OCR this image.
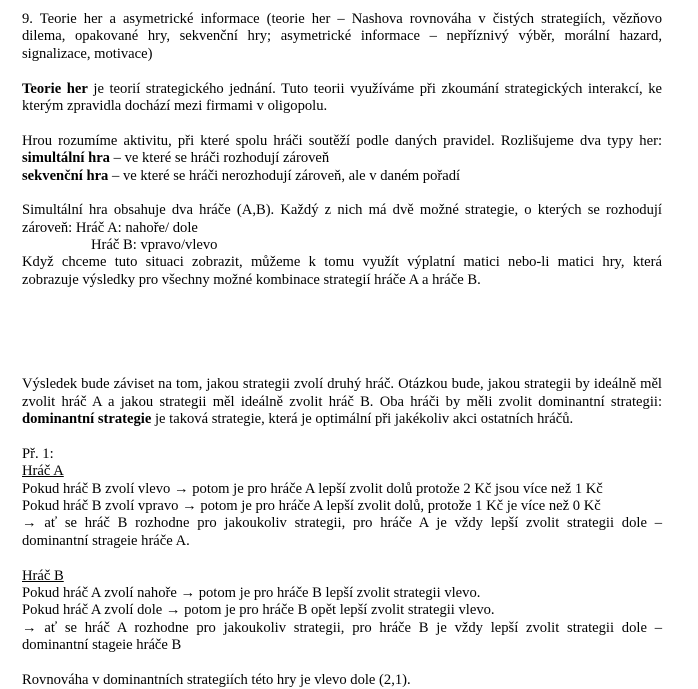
9. Teorie her a asymetrické informace (teorie her – Nashova rovnováha v čistých strategiích, vězňovo
dilema, opakované hry, sekvenční hry; asymetrické informace – nepříznivý výběr, morální hazard,
signalizace, motivace)
Teorie her je teorií strategického jednání. Tuto teorii využíváme při zkoumání strategických interakcí, ke
kterým zpravidla dochází mezi firmami v oligopolu.
Hrou rozumíme aktivitu, při které spolu hráči soutěží podle daných pravidel. Rozlišujeme dva typy her:
simultální hra – ve které se hráči rozhodují zároveň
sekvenční hra – ve které se hráči nerozhodují zároveň, ale v daném pořadí
Simultální hra obsahuje dva hráče (A,B). Každý z nich má dvě možné strategie, o kterých se rozhodují
zároveň: Hráč A: nahoře/ dole
Hráč B: vpravo/vlevo
Když chceme tuto situaci zobrazit, můžeme k tomu využít výplatní matici nebo-li matici hry, která
zobrazuje výsledky pro všechny možné kombinace strategií hráče A a hráče B.
Výsledek bude záviset na tom, jakou strategii zvolí druhý hráč. Otázkou bude, jakou strategii by ideálně měl
zvolit hráč A a jakou strategii měl ideálně zvolit hráč B. Oba hráči by měli zvolit dominantní strategii:
dominantní strategie je taková strategie, která je optimální při jakékoliv akci ostatních hráčů.
Př. 1:
Hráč A
Pokud hráč B zvolí vlevo → potom je pro hráče A lepší zvolit dolů protože 2 Kč jsou více než 1 Kč
Pokud hráč B zvolí vpravo → potom je pro hráče A lepší zvolit dolů, protože 1 Kč je více než 0 Kč
→ ať se hráč B rozhodne pro jakoukoliv strategii, pro hráče A je vždy lepší zvolit strategii dole –
dominantní strageie hráče A.
Hráč B
Pokud hráč A zvolí nahoře → potom je pro hráče B lepší zvolit strategii vlevo.
Pokud hráč A zvolí dole → potom je pro hráče B opět lepší zvolit strategii vlevo.
→ ať se hráč A rozhodne pro jakoukoliv strategii, pro hráče B je vždy lepší zvolit strategii dole –
dominantní stageie hráče B
Rovnováha v dominantních strategiích této hry je vlevo dole (2,1).
